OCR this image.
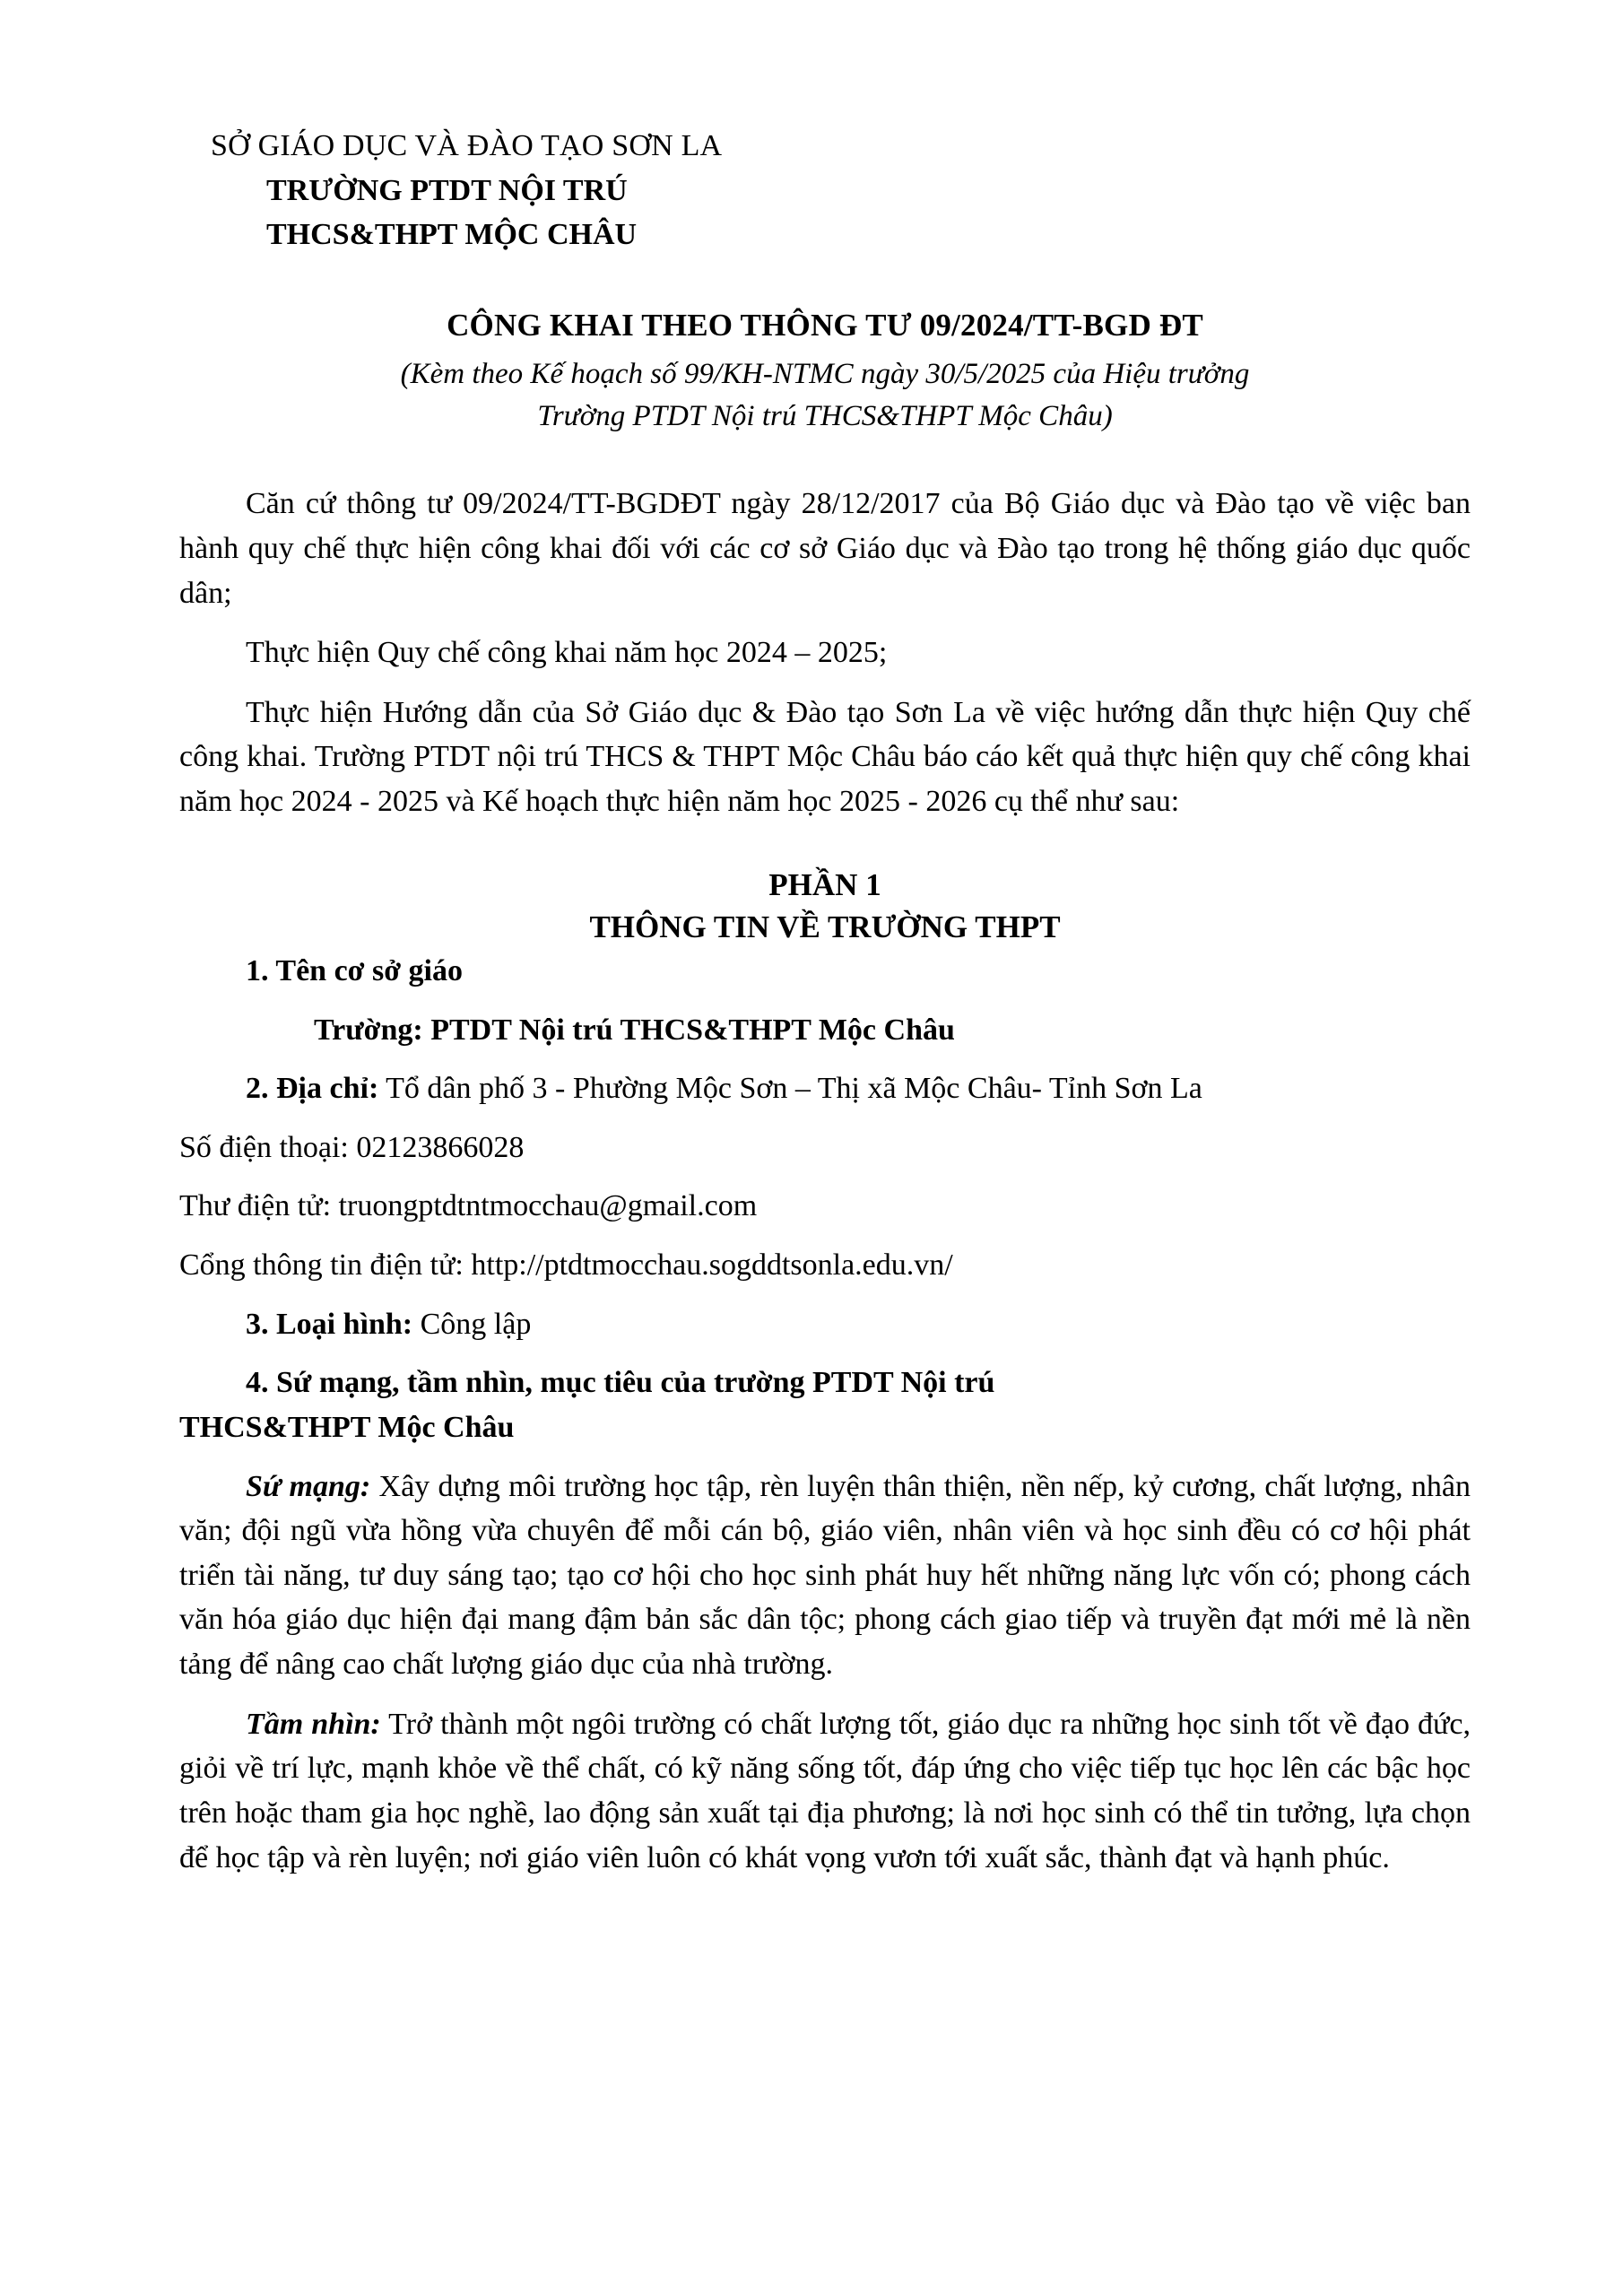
SỞ GIÁO DỤC VÀ ĐÀO TẠO SƠN LA
TRƯỜNG PTDT NỘI TRÚ
THCS&THPT MỘC CHÂU
CÔNG KHAI THEO THÔNG TƯ 09/2024/TT-BGD ĐT
(Kèm theo Kế hoạch số 99/KH-NTMC ngày 30/5/2025 của Hiệu trưởng
Trường PTDT Nội trú THCS&THPT Mộc Châu)

Căn cứ thông tư 09/2024/TT-BGDĐT ngày 28/12/2017 của Bộ Giáo dục và Đào tạo về việc ban hành quy chế thực hiện công khai đối với các cơ sở Giáo dục và Đào tạo trong hệ thống giáo dục quốc dân;

Thực hiện Quy chế công khai năm học 2024 – 2025;

Thực hiện Hướng dẫn của Sở Giáo dục & Đào tạo Sơn La về việc hướng dẫn thực hiện Quy chế công khai. Trường PTDT nội trú THCS & THPT Mộc Châu báo cáo kết quả thực hiện quy chế công khai năm học 2024 - 2025 và Kế hoạch thực hiện năm học 2025 - 2026 cụ thể như sau:

PHẦN 1
THÔNG TIN VỀ TRƯỜNG THPT

1. Tên cơ sở giáo

Trường: PTDT Nội trú THCS&THPT Mộc Châu

2. Địa chỉ: Tổ dân phố 3 - Phường Mộc Sơn – Thị xã Mộc Châu- Tỉnh Sơn La

Số điện thoại: 02123866028

Thư điện tử: truongptdtntmocchau@gmail.com

Cổng thông tin điện tử: http://ptdtmocchau.sogddtsonla.edu.vn/

3. Loại hình: Công lập

4. Sứ mạng, tầm nhìn, mục tiêu của trường PTDT Nội trú

THCS&THPT Mộc Châu

Sứ mạng: Xây dựng môi trường học tập, rèn luyện thân thiện, nền nếp, kỷ cương, chất lượng, nhân văn; đội ngũ vừa hồng vừa chuyên để mỗi cán bộ, giáo viên, nhân viên và học sinh đều có cơ hội phát triển tài năng, tư duy sáng tạo; tạo cơ hội cho học sinh phát huy hết những năng lực vốn có; phong cách văn hóa giáo dục hiện đại mang đậm bản sắc dân tộc; phong cách giao tiếp và truyền đạt mới mẻ là nền tảng để nâng cao chất lượng giáo dục của nhà trường.

Tầm nhìn: Trở thành một ngôi trường có chất lượng tốt, giáo dục ra những học sinh tốt về đạo đức, giỏi về trí lực, mạnh khỏe về thể chất, có kỹ năng sống tốt, đáp ứng cho việc tiếp tục học lên các bậc học trên hoặc tham gia học nghề, lao động sản xuất tại địa phương; là nơi học sinh có thể tin tưởng, lựa chọn để học tập và rèn luyện; nơi giáo viên luôn có khát vọng vươn tới xuất sắc, thành đạt và hạnh phúc.
